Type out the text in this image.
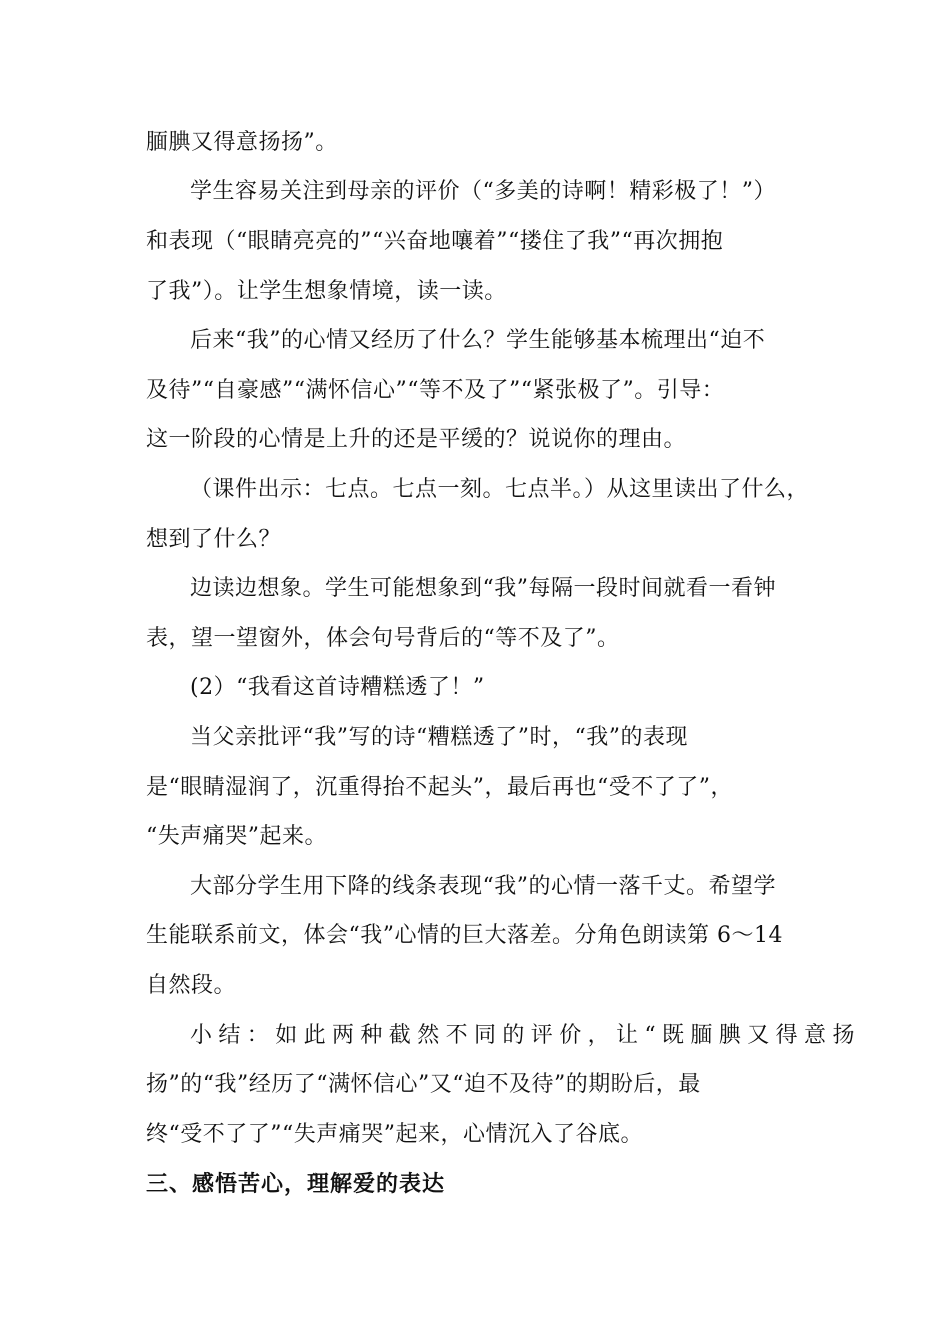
腼腆又得意扬扬”。
学生容易关注到母亲的评价（“多美的诗啊！精彩极了！”）
和表现（“眼睛亮亮的”“兴奋地嚷着”“搂住了我”“再次拥抱
了我”）。让学生想象情境，读一读。
后来“我”的心情又经历了什么？学生能够基本梳理出“迫不
及待”“自豪感”“满怀信心”“等不及了”“紧张极了”。引导：
这一阶段的心情是上升的还是平缓的？说说你的理由。
（课件出示：七点。七点一刻。七点半。）从这里读出了什么，
想到了什么？
边读边想象。学生可能想象到“我”每隔一段时间就看一看钟
表，望一望窗外，体会句号背后的“等不及了”。
(2）“我看这首诗糟糕透了！”
当父亲批评“我”写的诗“糟糕透了”时，“我”的表现
是“眼睛湿润了，沉重得抬不起头”，最后再也“受不了了”，
“失声痛哭”起来。
大部分学生用下降的线条表现“我”的心情一落千丈。希望学
生能联系前文，体会“我”心情的巨大落差。分角色朗读第 6～14
自然段。
小结：如此两种截然不同的评价，让“既腼腆又得意扬
扬”的“我”经历了“满怀信心”又“迫不及待”的期盼后，最
终“受不了了”“失声痛哭”起来，心情沉入了谷底。
三、感悟苦心，理解爱的表达
